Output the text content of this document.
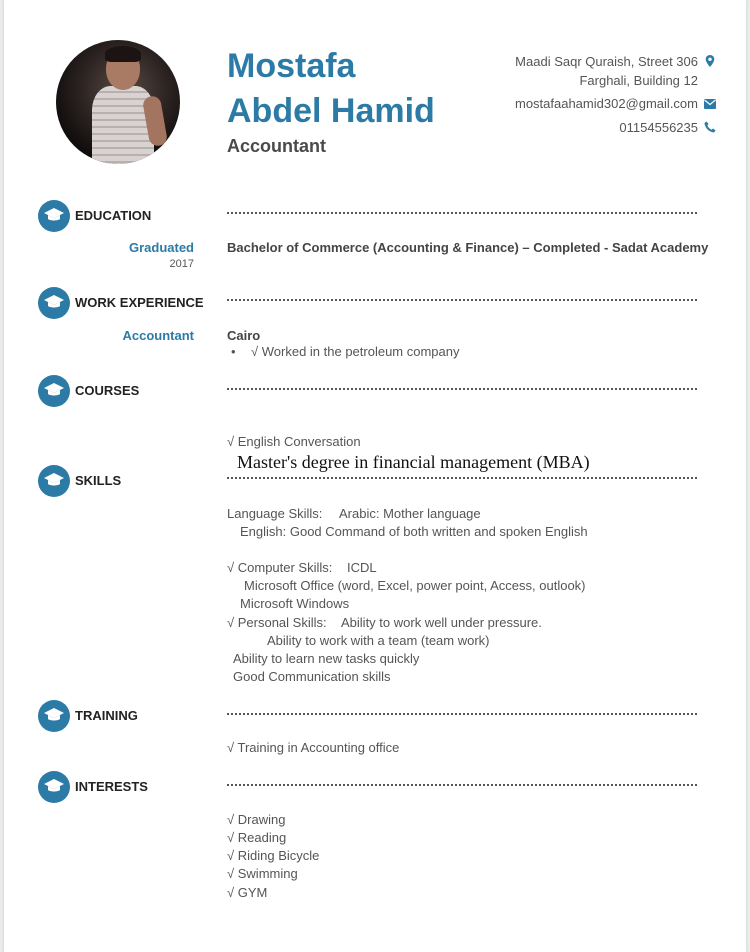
Mostafa
Abdel Hamid
Accountant
Maadi Saqr Quraish, Street 306
Farghali, Building 12
mostafaahamid302@gmail.com
01154556235
EDUCATION
Graduated
2017
Bachelor of Commerce (Accounting & Finance) – Completed - Sadat Academy
WORK EXPERIENCE
Accountant	Cairo
• √ Worked in the petroleum company
COURSES
√ English Conversation
Master's degree in financial management (MBA)
SKILLS
Language Skills: Arabic: Mother language
English: Good Command of both written and spoken English
√ Computer Skills: ICDL
Microsoft Office (word, Excel, power point, Access, outlook)
Microsoft Windows
√ Personal Skills: Ability to work well under pressure.
Ability to work with a team (team work)
Ability to learn new tasks quickly
Good Communication skills
TRAINING
√ Training in Accounting office
INTERESTS
√ Drawing
√ Reading
√ Riding Bicycle
√ Swimming
√ GYM
